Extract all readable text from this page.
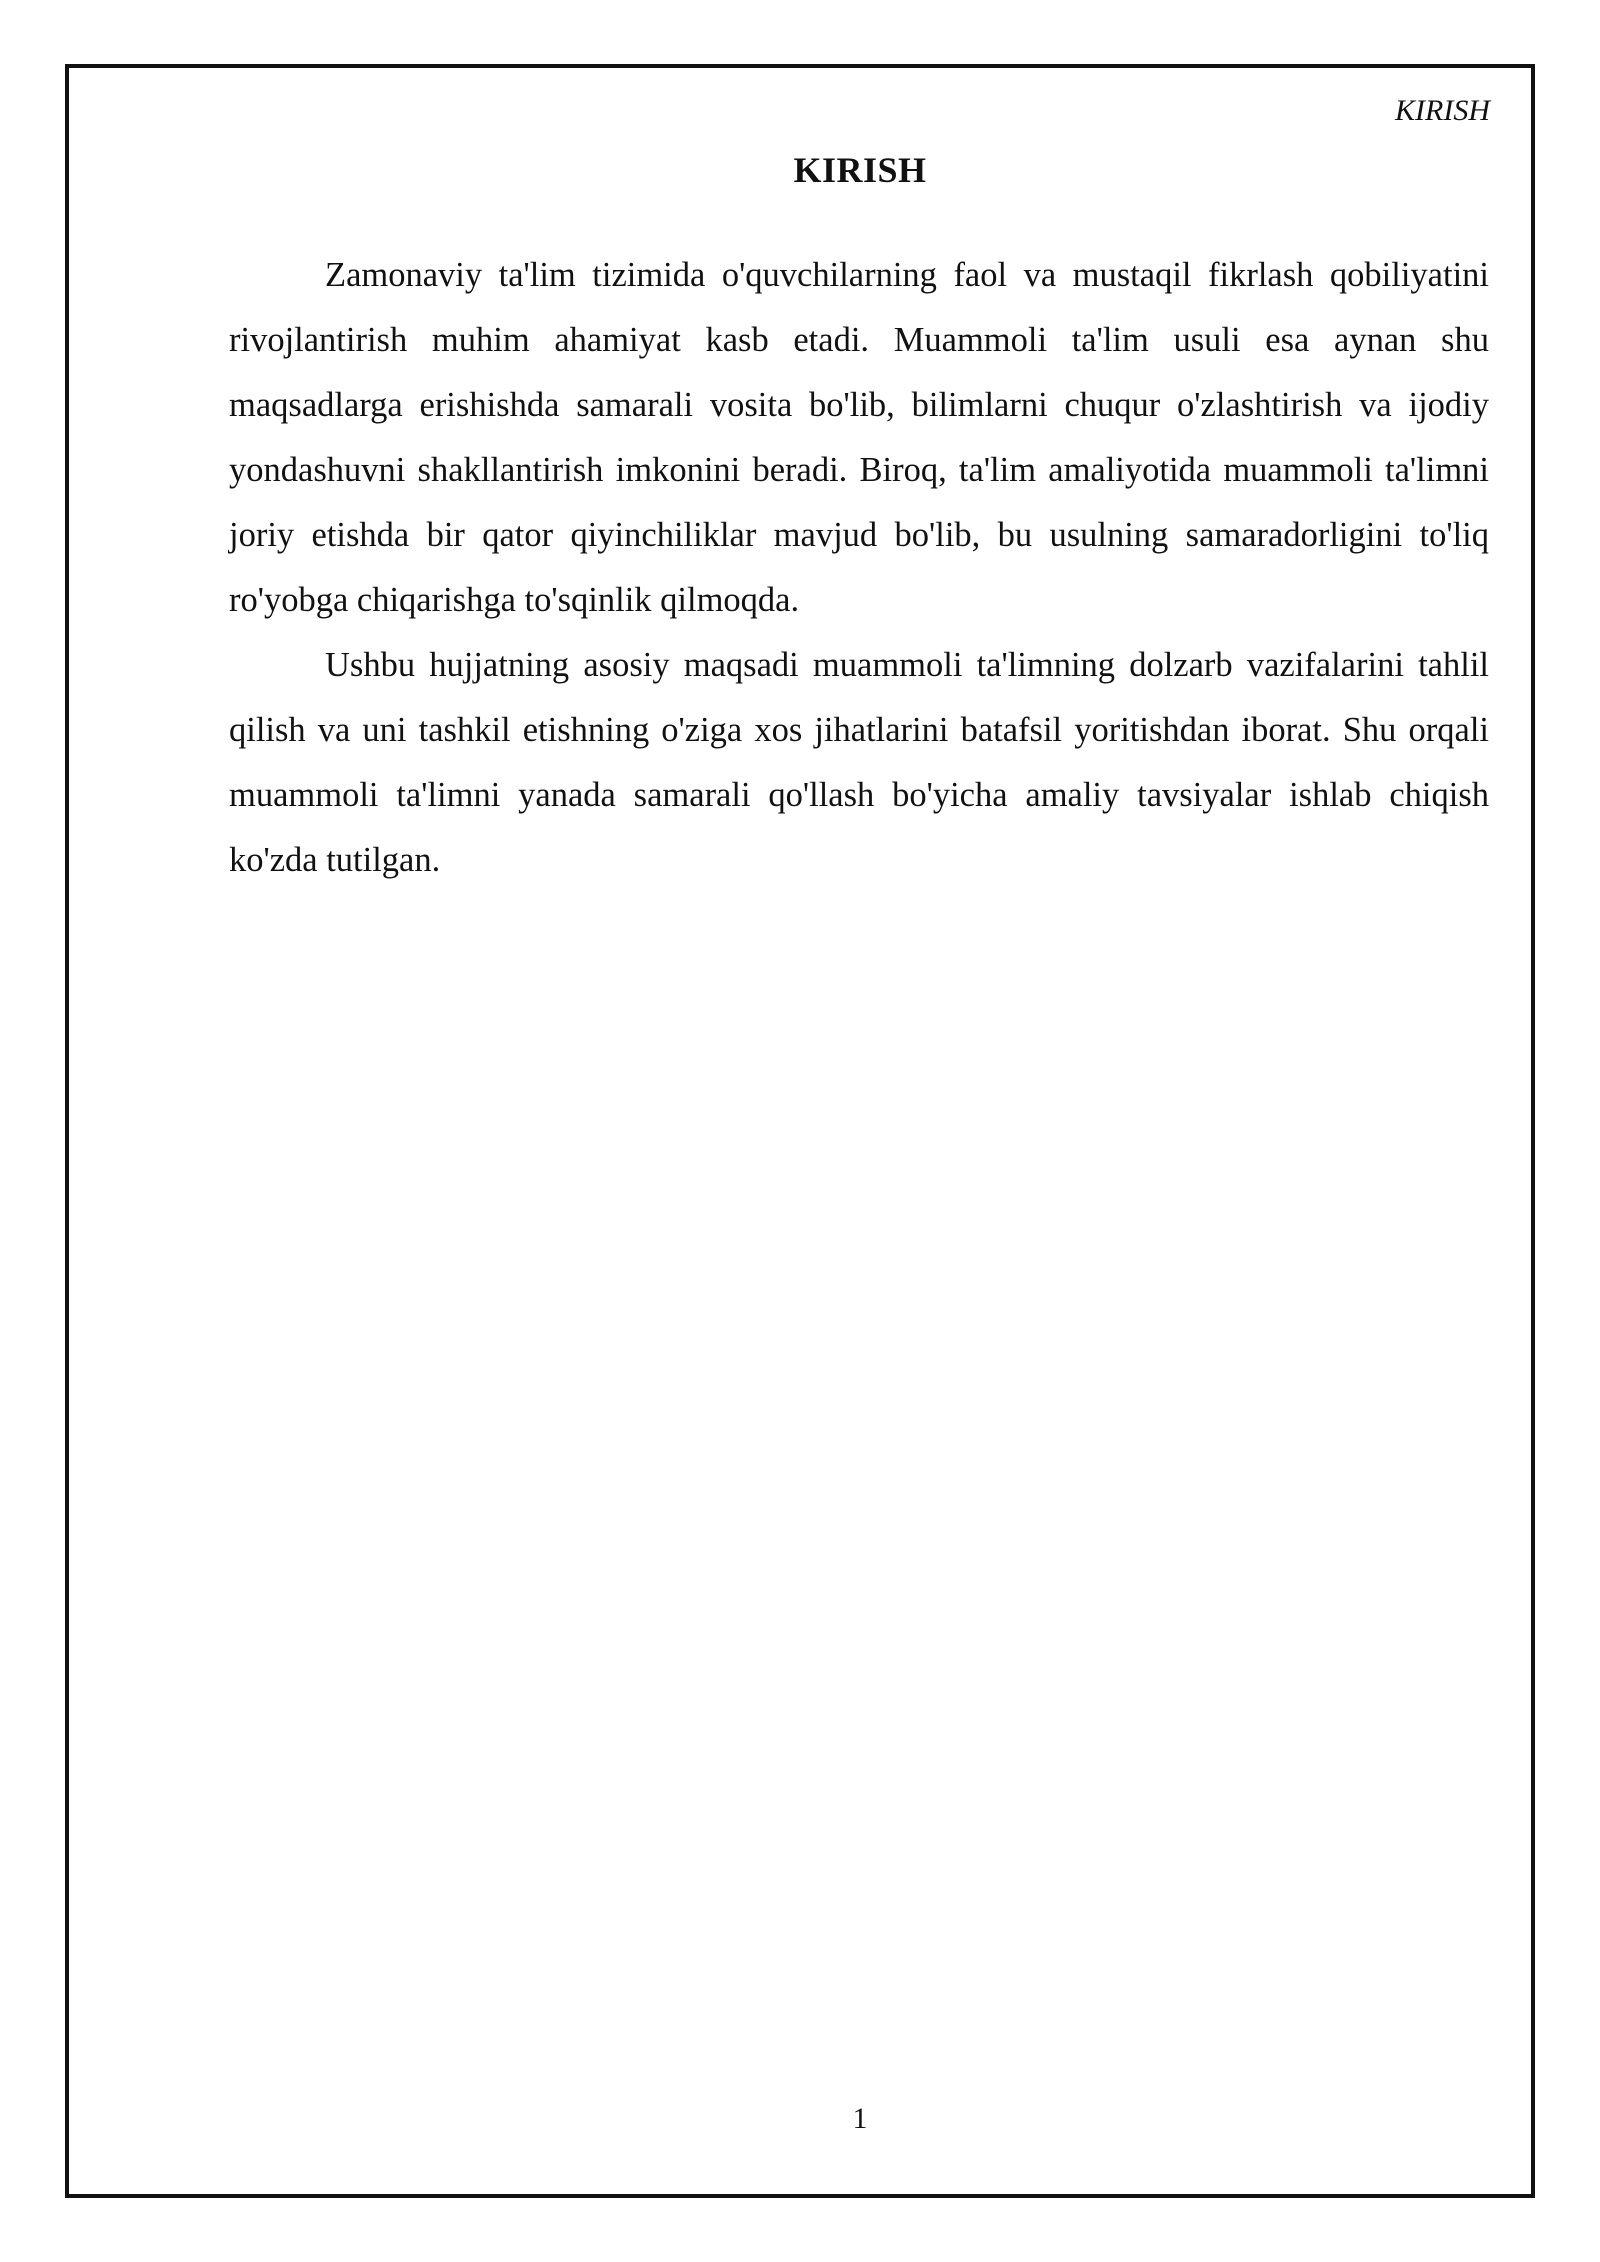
KIRISH
KIRISH

Zamonaviy ta'lim tizimida o'quvchilarning faol va mustaqil fikrlash qobiliyatini rivojlantirish muhim ahamiyat kasb etadi. Muammoli ta'lim usuli esa aynan shu maqsadlarga erishishda samarali vosita bo'lib, bilimlarni chuqur o'zlashtirish va ijodiy yondashuvni shakllantirish imkonini beradi. Biroq, ta'lim amaliyotida muammoli ta'limni joriy etishda bir qator qiyinchiliklar mavjud bo'lib, bu usulning samaradorligini to'liq ro'yobga chiqarishga to'sqinlik qilmoqda.

Ushbu hujjatning asosiy maqsadi muammoli ta'limning dolzarb vazifalarini tahlil qilish va uni tashkil etishning o'ziga xos jihatlarini batafsil yoritishdan iborat. Shu orqali muammoli ta'limni yanada samarali qo'llash bo'yicha amaliy tavsiyalar ishlab chiqish ko'zda tutilgan.

1
